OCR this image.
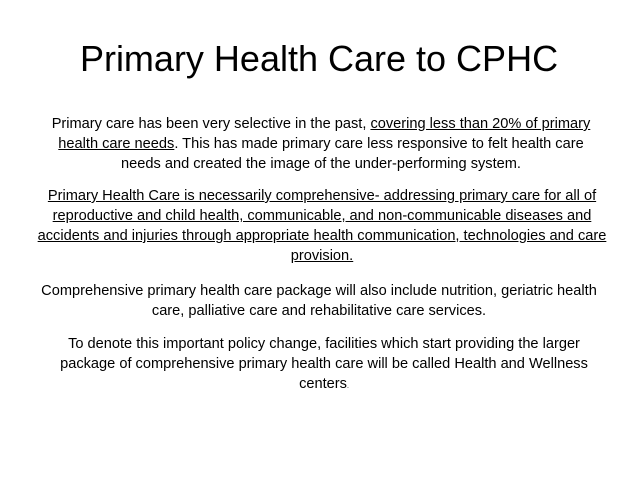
Primary Health Care to CPHC
Primary care has been very selective in the past, covering less than 20% of primary health care needs. This has made primary care less responsive to felt health care needs and created the image of the under-performing system.
Primary Health Care is necessarily comprehensive- addressing primary care for all of reproductive and child health, communicable, and non-communicable diseases and accidents and injuries through appropriate health communication, technologies and care provision.
Comprehensive primary health care package will also include nutrition, geriatric health care, palliative care and rehabilitative care services.
To denote this important policy change, facilities which start providing the larger package of comprehensive primary health care will be called Health and Wellness centers.
